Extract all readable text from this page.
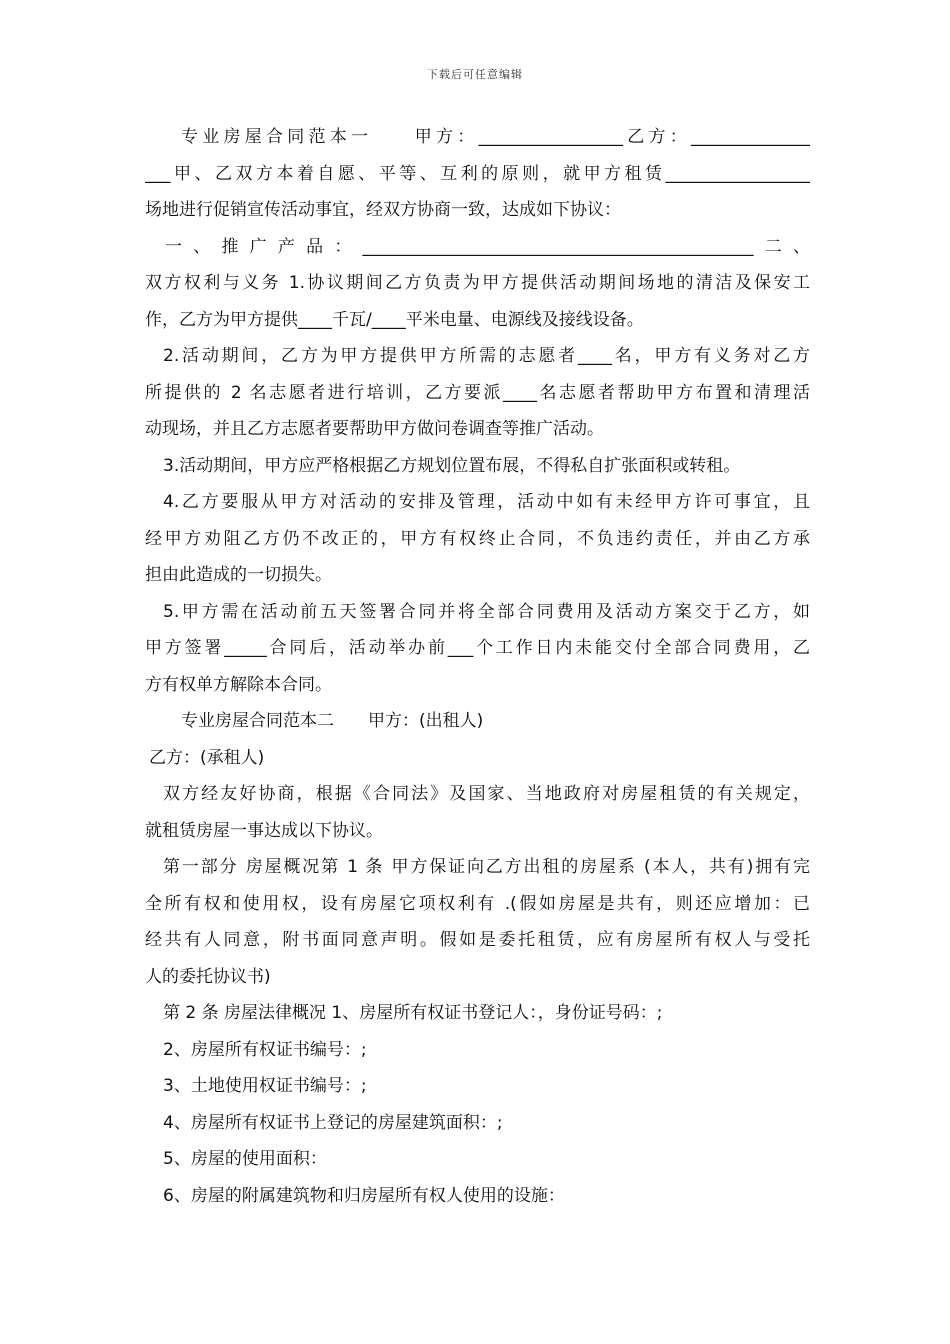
下载后可任意编辑
专业房屋合同范本一　　甲方：_________________乙方：______________
___甲、乙双方本着自愿、平等、互利的原则，就甲方租赁_________________
场地进行促销宣传活动事宜，经双方协商一致，达成如下协议：
一、推广产品：______________________________________________二、
双方权利与义务 1.协议期间乙方负责为甲方提供活动期间场地的清洁及保安工
作，乙方为甲方提供____千瓦/____平米电量、电源线及接线设备。
2.活动期间，乙方为甲方提供甲方所需的志愿者____名，甲方有义务对乙方
所提供的 2 名志愿者进行培训，乙方要派____名志愿者帮助甲方布置和清理活
动现场，并且乙方志愿者要帮助甲方做问卷调查等推广活动。
3.活动期间，甲方应严格根据乙方规划位置布展，不得私自扩张面积或转租。
4.乙方要服从甲方对活动的安排及管理，活动中如有未经甲方许可事宜，且
经甲方劝阻乙方仍不改正的，甲方有权终止合同，不负违约责任，并由乙方承
担由此造成的一切损失。
5.甲方需在活动前五天签署合同并将全部合同费用及活动方案交于乙方，如
甲方签署_____合同后，活动举办前___个工作日内未能交付全部合同费用，乙
方有权单方解除本合同。
专业房屋合同范本二　　甲方：(出租人)
乙方：(承租人)
双方经友好协商，根据《合同法》及国家、当地政府对房屋租赁的有关规定，
就租赁房屋一事达成以下协议。
第一部分 房屋概况第 1 条 甲方保证向乙方出租的房屋系 (本人，共有)拥有完
全所有权和使用权，设有房屋它项权利有 .(假如房屋是共有，则还应增加：已
经共有人同意，附书面同意声明。假如是委托租赁，应有房屋所有权人与受托
人的委托协议书)
第 2 条 房屋法律概况 1、房屋所有权证书登记人：，身份证号码：;
2、房屋所有权证书编号：;
3、土地使用权证书编号：;
4、房屋所有权证书上登记的房屋建筑面积：;
5、房屋的使用面积：
6、房屋的附属建筑物和归房屋所有权人使用的设施：
